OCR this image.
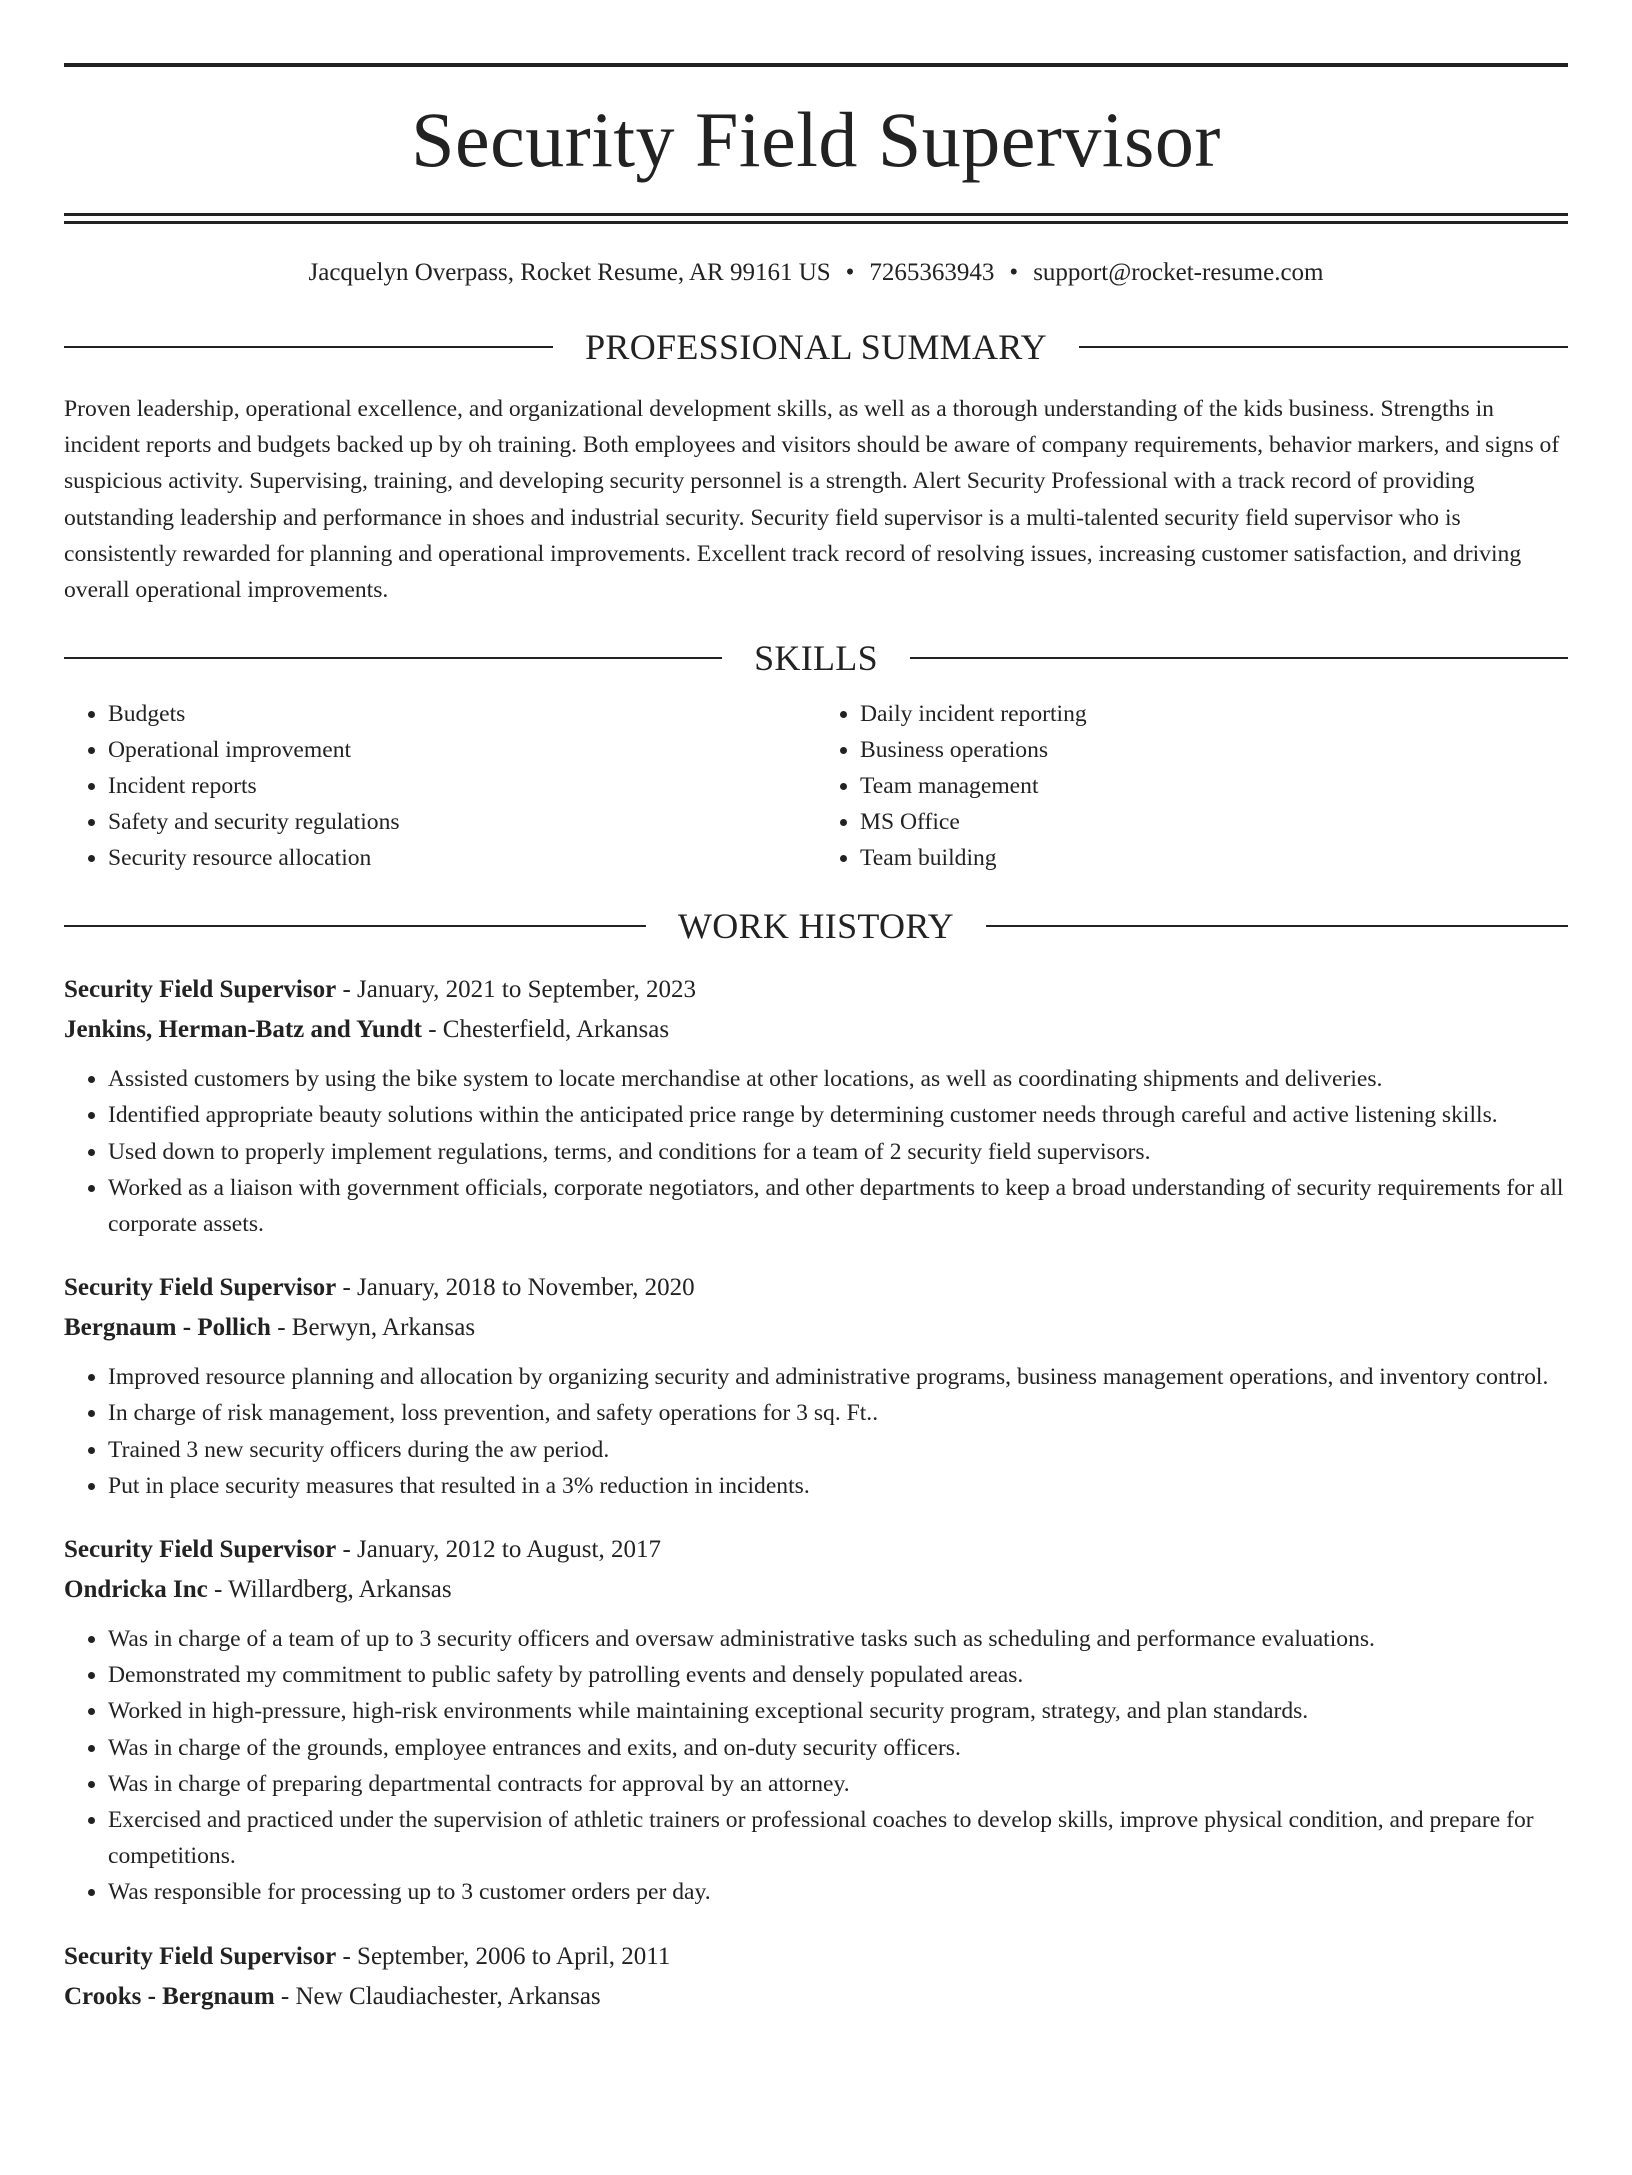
Security Field Supervisor
Jacquelyn Overpass, Rocket Resume, AR 99161 US • 7265363943 • support@rocket-resume.com
PROFESSIONAL SUMMARY
Proven leadership, operational excellence, and organizational development skills, as well as a thorough understanding of the kids business. Strengths in incident reports and budgets backed up by oh training. Both employees and visitors should be aware of company requirements, behavior markers, and signs of suspicious activity. Supervising, training, and developing security personnel is a strength. Alert Security Professional with a track record of providing outstanding leadership and performance in shoes and industrial security. Security field supervisor is a multi-talented security field supervisor who is consistently rewarded for planning and operational improvements. Excellent track record of resolving issues, increasing customer satisfaction, and driving overall operational improvements.
SKILLS
• Budgets
• Operational improvement
• Incident reports
• Safety and security regulations
• Security resource allocation
• Daily incident reporting
• Business operations
• Team management
• MS Office
• Team building
WORK HISTORY
Security Field Supervisor - January, 2021 to September, 2023
Jenkins, Herman-Batz and Yundt - Chesterfield, Arkansas
• Assisted customers by using the bike system to locate merchandise at other locations, as well as coordinating shipments and deliveries.
• Identified appropriate beauty solutions within the anticipated price range by determining customer needs through careful and active listening skills.
• Used down to properly implement regulations, terms, and conditions for a team of 2 security field supervisors.
• Worked as a liaison with government officials, corporate negotiators, and other departments to keep a broad understanding of security requirements for all corporate assets.
Security Field Supervisor - January, 2018 to November, 2020
Bergnaum - Pollich - Berwyn, Arkansas
• Improved resource planning and allocation by organizing security and administrative programs, business management operations, and inventory control.
• In charge of risk management, loss prevention, and safety operations for 3 sq. Ft..
• Trained 3 new security officers during the aw period.
• Put in place security measures that resulted in a 3% reduction in incidents.
Security Field Supervisor - January, 2012 to August, 2017
Ondricka Inc - Willardberg, Arkansas
• Was in charge of a team of up to 3 security officers and oversaw administrative tasks such as scheduling and performance evaluations.
• Demonstrated my commitment to public safety by patrolling events and densely populated areas.
• Worked in high-pressure, high-risk environments while maintaining exceptional security program, strategy, and plan standards.
• Was in charge of the grounds, employee entrances and exits, and on-duty security officers.
• Was in charge of preparing departmental contracts for approval by an attorney.
• Exercised and practiced under the supervision of athletic trainers or professional coaches to develop skills, improve physical condition, and prepare for competitions.
• Was responsible for processing up to 3 customer orders per day.
Security Field Supervisor - September, 2006 to April, 2011
Crooks - Bergnaum - New Claudiachester, Arkansas
